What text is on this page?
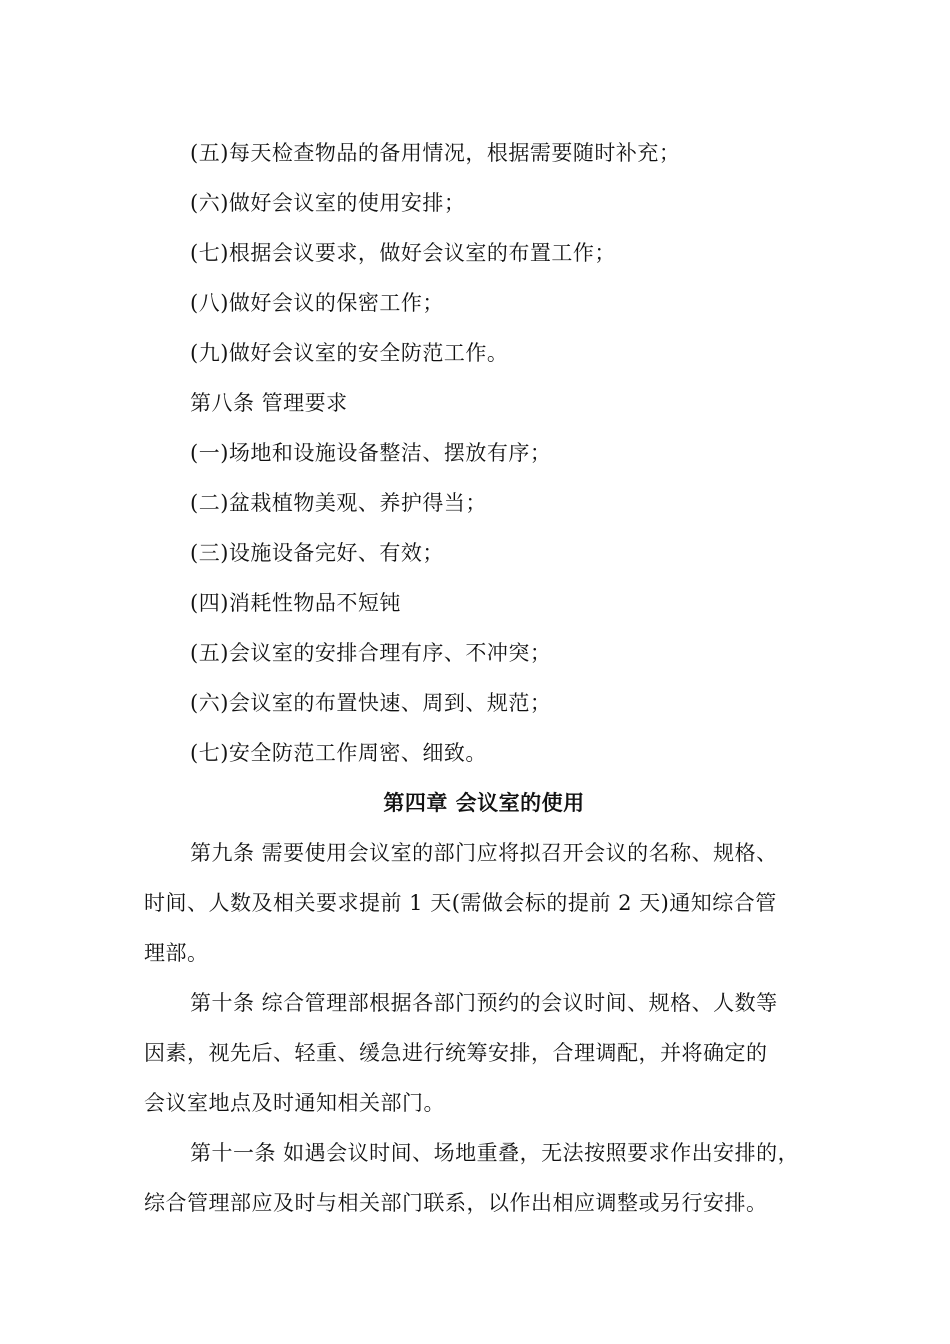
(五)每天检查物品的备用情况，根据需要随时补充；
(六)做好会议室的使用安排；
(七)根据会议要求，做好会议室的布置工作；
(八)做好会议的保密工作；
(九)做好会议室的安全防范工作。
第八条 管理要求
(一)场地和设施设备整洁、摆放有序；
(二)盆栽植物美观、养护得当；
(三)设施设备完好、有效；
(四)消耗性物品不短钝
(五)会议室的安排合理有序、不冲突；
(六)会议室的布置快速、周到、规范；
(七)安全防范工作周密、细致。
第四章 会议室的使用
第九条 需要使用会议室的部门应将拟召开会议的名称、规格、
时间、人数及相关要求提前 1 天(需做会标的提前 2 天)通知综合管
理部。
第十条 综合管理部根据各部门预约的会议时间、规格、人数等
因素，视先后、轻重、缓急进行统筹安排，合理调配，并将确定的
会议室地点及时通知相关部门。
第十一条 如遇会议时间、场地重叠，无法按照要求作出安排的，
综合管理部应及时与相关部门联系，以作出相应调整或另行安排。
